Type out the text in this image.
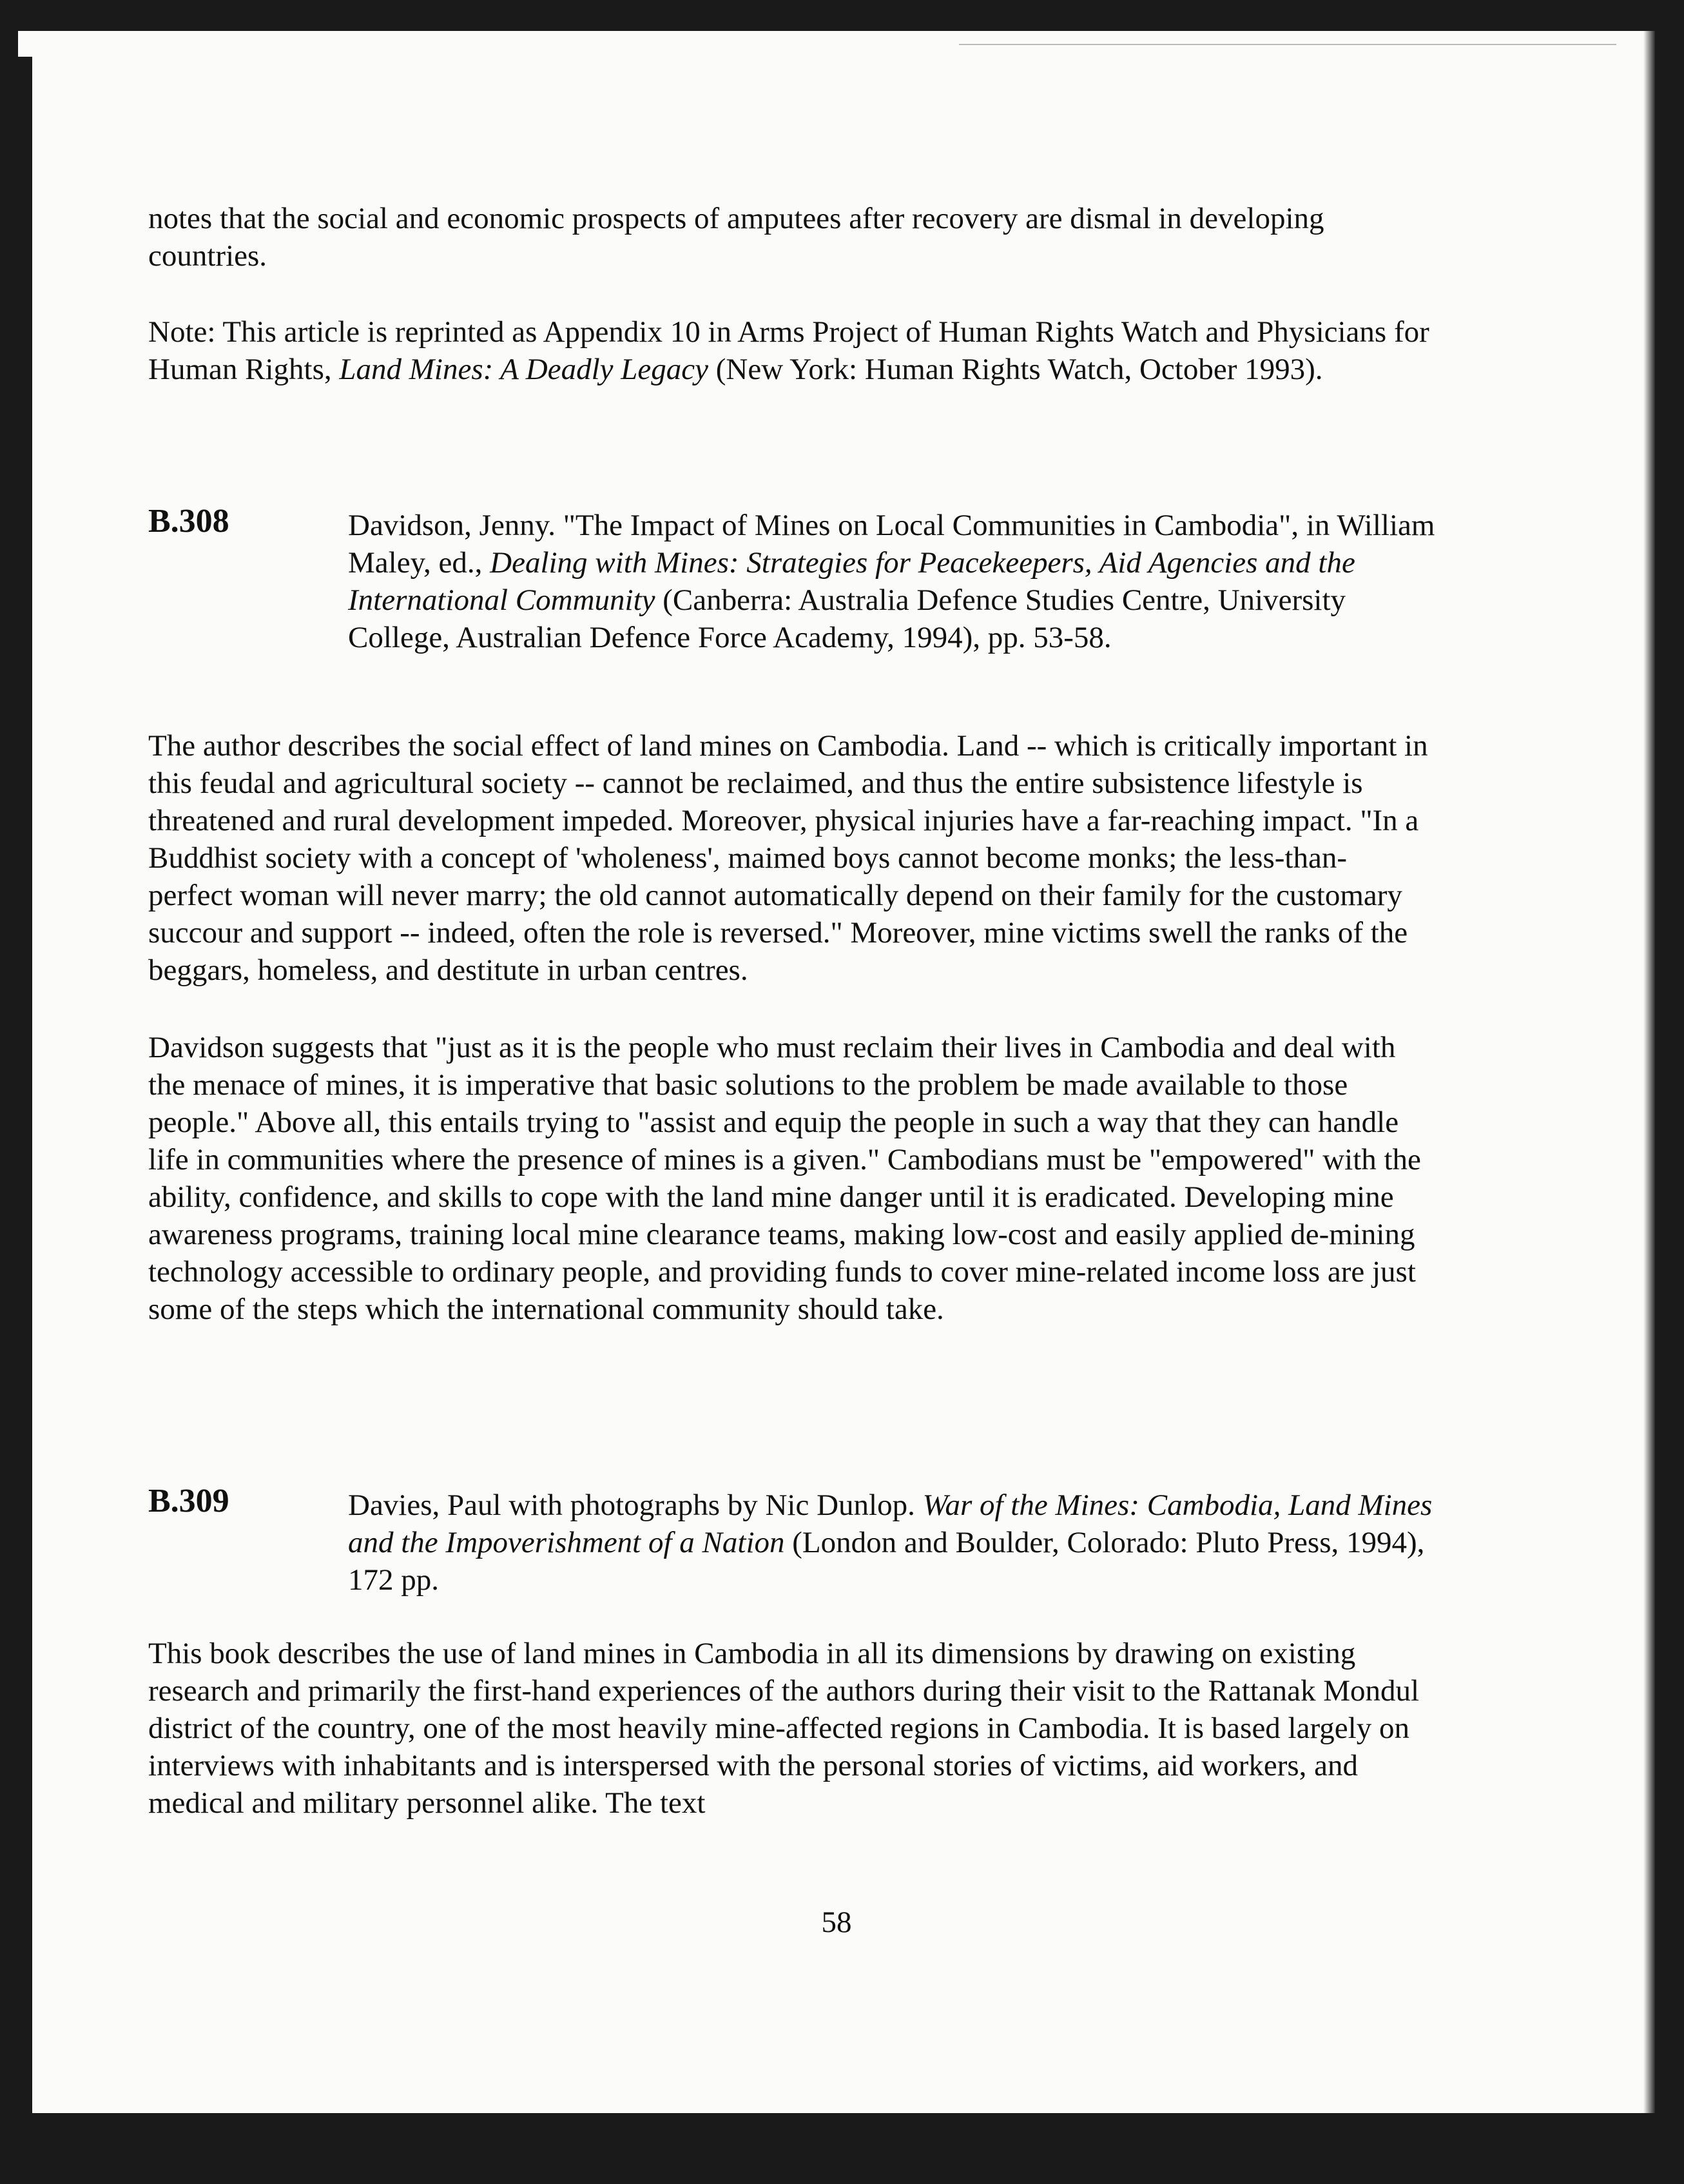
notes that the social and economic prospects of amputees after recovery are dismal in developing countries.

Note: This article is reprinted as Appendix 10 in Arms Project of Human Rights Watch and Physicians for Human Rights, Land Mines: A Deadly Legacy (New York: Human Rights Watch, October 1993).

B.308	Davidson, Jenny. "The Impact of Mines on Local Communities in Cambodia", in William Maley, ed., Dealing with Mines: Strategies for Peacekeepers, Aid Agencies and the International Community (Canberra: Australia Defence Studies Centre, University College, Australian Defence Force Academy, 1994), pp. 53-58.

The author describes the social effect of land mines on Cambodia. Land -- which is critically important in this feudal and agricultural society -- cannot be reclaimed, and thus the entire subsistence lifestyle is threatened and rural development impeded. Moreover, physical injuries have a far-reaching impact. "In a Buddhist society with a concept of 'wholeness', maimed boys cannot become monks; the less-than-perfect woman will never marry; the old cannot automatically depend on their family for the customary succour and support -- indeed, often the role is reversed." Moreover, mine victims swell the ranks of the beggars, homeless, and destitute in urban centres.

Davidson suggests that "just as it is the people who must reclaim their lives in Cambodia and deal with the menace of mines, it is imperative that basic solutions to the problem be made available to those people." Above all, this entails trying to "assist and equip the people in such a way that they can handle life in communities where the presence of mines is a given." Cambodians must be "empowered" with the ability, confidence, and skills to cope with the land mine danger until it is eradicated. Developing mine awareness programs, training local mine clearance teams, making low-cost and easily applied de-mining technology accessible to ordinary people, and providing funds to cover mine-related income loss are just some of the steps which the international community should take.

B.309	Davies, Paul with photographs by Nic Dunlop. War of the Mines: Cambodia, Land Mines and the Impoverishment of a Nation (London and Boulder, Colorado: Pluto Press, 1994), 172 pp.

This book describes the use of land mines in Cambodia in all its dimensions by drawing on existing research and primarily the first-hand experiences of the authors during their visit to the Rattanak Mondul district of the country, one of the most heavily mine-affected regions in Cambodia. It is based largely on interviews with inhabitants and is interspersed with the personal stories of victims, aid workers, and medical and military personnel alike. The text

58
